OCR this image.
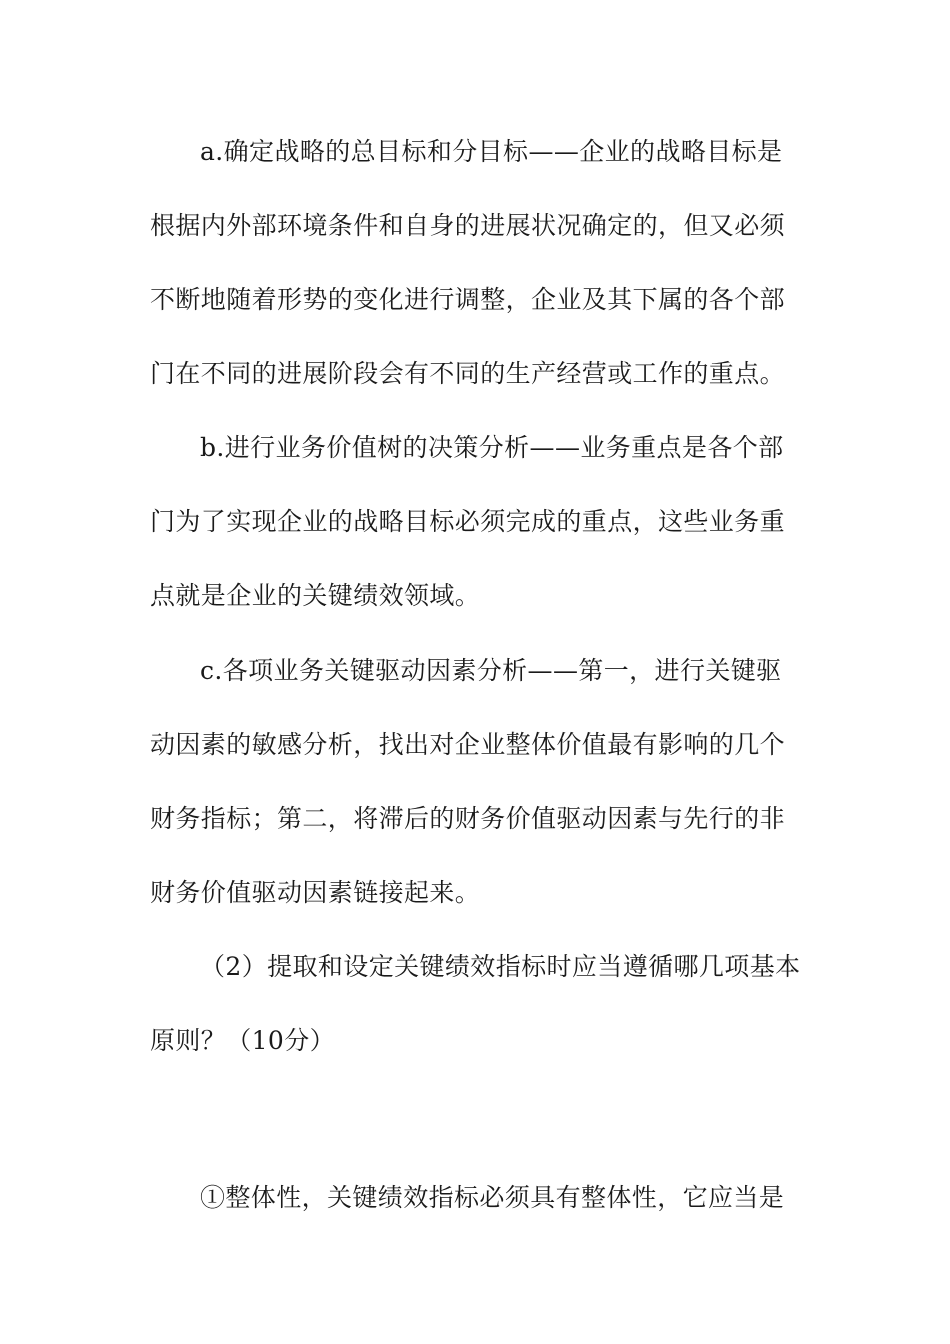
a.确定战略的总目标和分目标——企业的战略目标是

根据内外部环境条件和自身的进展状况确定的，但又必须

不断地随着形势的变化进行调整，企业及其下属的各个部

门在不同的进展阶段会有不同的生产经营或工作的重点。

b.进行业务价值树的决策分析——业务重点是各个部

门为了实现企业的战略目标必须完成的重点，这些业务重

点就是企业的关键绩效领域。

c.各项业务关键驱动因素分析——第一，进行关键驱

动因素的敏感分析，找出对企业整体价值最有影响的几个

财务指标；第二，将滞后的财务价值驱动因素与先行的非

财务价值驱动因素链接起来。

（2）提取和设定关键绩效指标时应当遵循哪几项基本

原则？（10分）

①整体性，关键绩效指标必须具有整体性，它应当是
